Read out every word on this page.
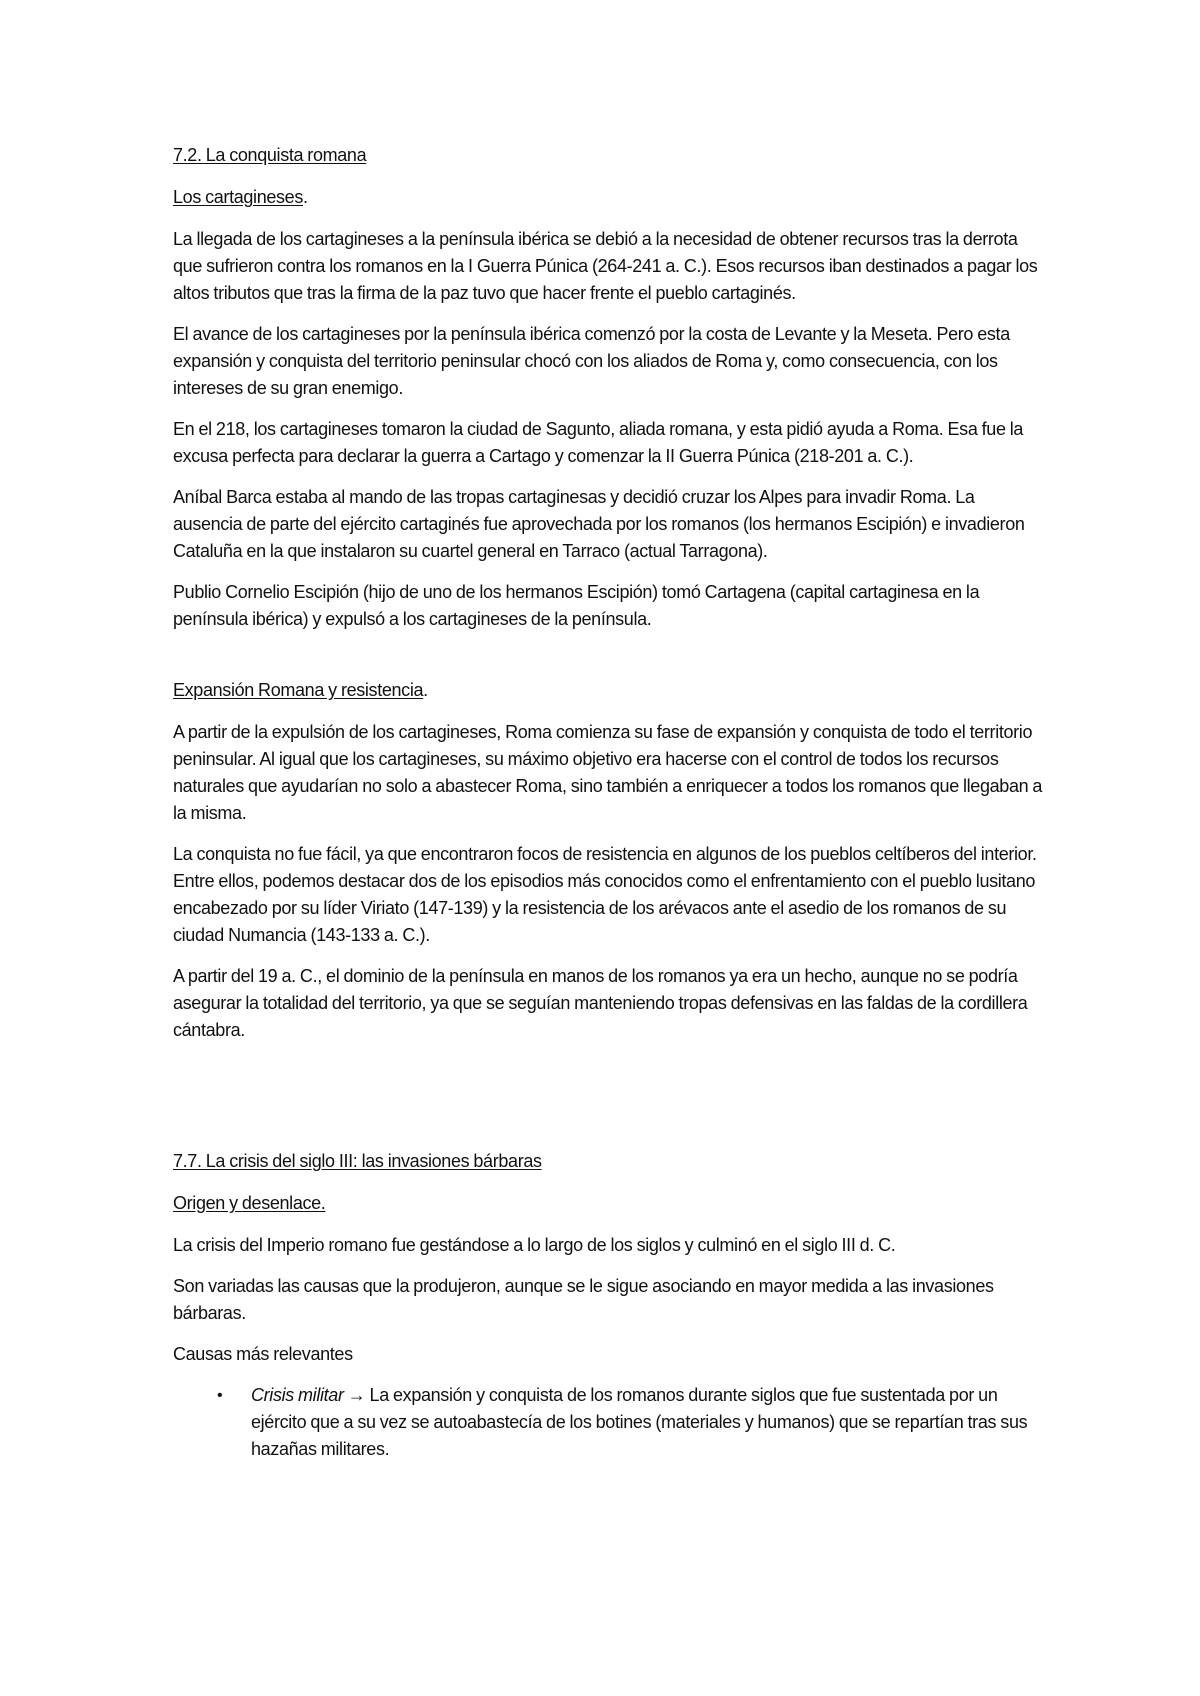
7.2. La conquista romana

Los cartagineses.

La llegada de los cartagineses a la península ibérica se debió a la necesidad de obtener recursos tras la derrota que sufrieron contra los romanos en la I Guerra Púnica (264-241 a. C.). Esos recursos iban destinados a pagar los altos tributos que tras la firma de la paz tuvo que hacer frente el pueblo cartaginés.

El avance de los cartagineses por la península ibérica comenzó por la costa de Levante y la Meseta. Pero esta expansión y conquista del territorio peninsular chocó con los aliados de Roma y, como consecuencia, con los intereses de su gran enemigo.

En el 218, los cartagineses tomaron la ciudad de Sagunto, aliada romana, y esta pidió ayuda a Roma. Esa fue la excusa perfecta para declarar la guerra a Cartago y comenzar la II Guerra Púnica (218-201 a. C.).

Aníbal Barca estaba al mando de las tropas cartaginesas y decidió cruzar los Alpes para invadir Roma. La ausencia de parte del ejército cartaginés fue aprovechada por los romanos (los hermanos Escipión) e invadieron Cataluña en la que instalaron su cuartel general en Tarraco (actual Tarragona).

Publio Cornelio Escipión (hijo de uno de los hermanos Escipión) tomó Cartagena (capital cartaginesa en la península ibérica) y expulsó a los cartagineses de la península.

Expansión Romana y resistencia.

A partir de la expulsión de los cartagineses, Roma comienza su fase de expansión y conquista de todo el territorio peninsular. Al igual que los cartagineses, su máximo objetivo era hacerse con el control de todos los recursos naturales que ayudarían no solo a abastecer Roma, sino también a enriquecer a todos los romanos que llegaban a la misma.

La conquista no fue fácil, ya que encontraron focos de resistencia en algunos de los pueblos celtíberos del interior. Entre ellos, podemos destacar dos de los episodios más conocidos como el enfrentamiento con el pueblo lusitano encabezado por su líder Viriato (147-139) y la resistencia de los arévacos ante el asedio de los romanos de su ciudad Numancia (143-133 a. C.).

A partir del 19 a. C., el dominio de la península en manos de los romanos ya era un hecho, aunque no se podría asegurar la totalidad del territorio, ya que se seguían manteniendo tropas defensivas en las faldas de la cordillera cántabra.

7.7. La crisis del siglo III: las invasiones bárbaras

Origen y desenlace.

La crisis del Imperio romano fue gestándose a lo largo de los siglos y culminó en el siglo III d. C.

Son variadas las causas que la produjeron, aunque se le sigue asociando en mayor medida a las invasiones bárbaras.

Causas más relevantes

• Crisis militar → La expansión y conquista de los romanos durante siglos que fue sustentada por un ejército que a su vez se autoabastecía de los botines (materiales y humanos) que se repartían tras sus hazañas militares.
